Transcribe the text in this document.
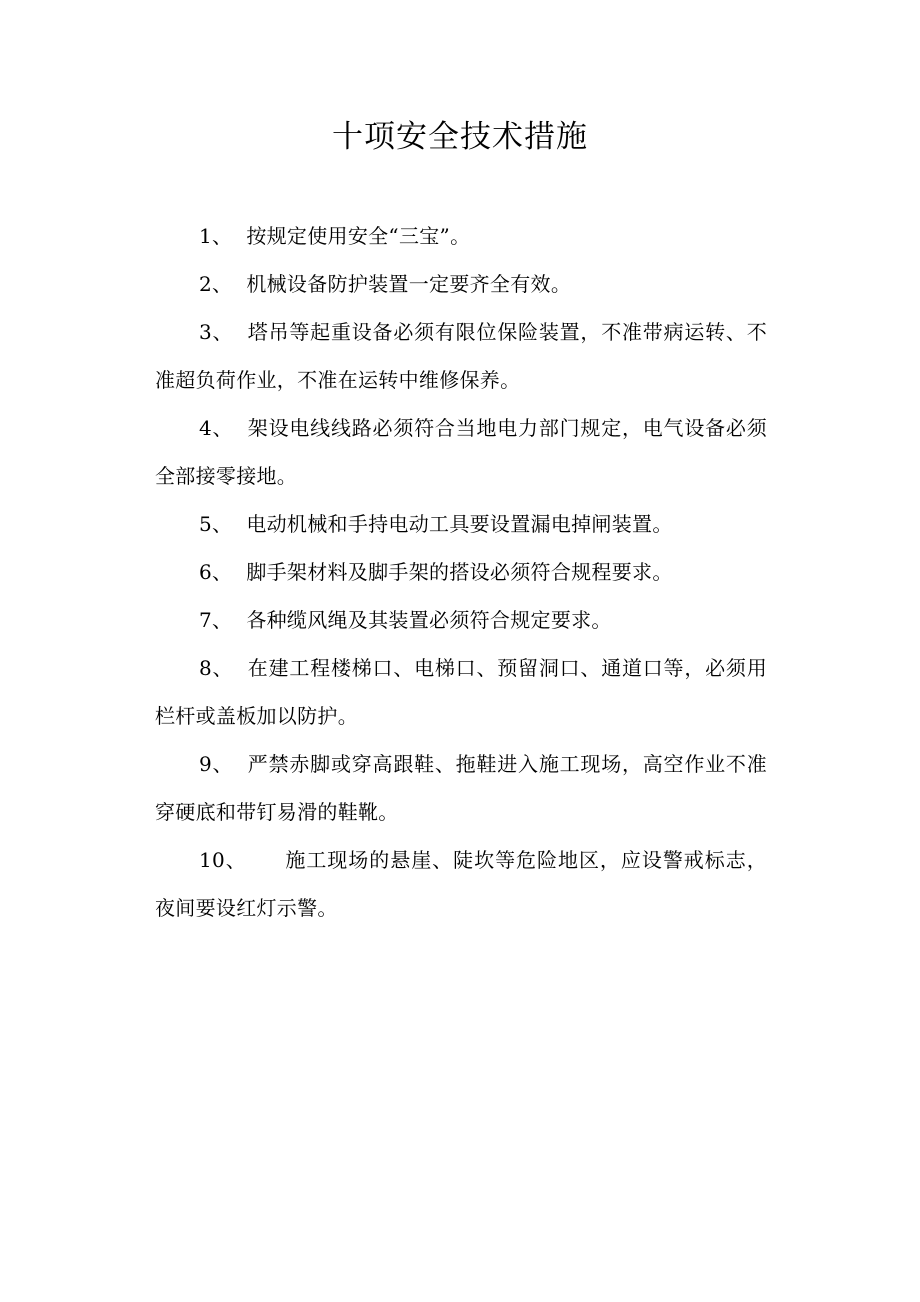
十项安全技术措施

1、 按规定使用安全“三宝”。

2、 机械设备防护装置一定要齐全有效。

3、 塔吊等起重设备必须有限位保险装置，不准带病运转、不准超负荷作业，不准在运转中维修保养。

4、 架设电线线路必须符合当地电力部门规定，电气设备必须全部接零接地。

5、 电动机械和手持电动工具要设置漏电掉闸装置。

6、 脚手架材料及脚手架的搭设必须符合规程要求。

7、 各种缆风绳及其装置必须符合规定要求。

8、 在建工程楼梯口、电梯口、预留洞口、通道口等，必须用栏杆或盖板加以防护。

9、 严禁赤脚或穿高跟鞋、拖鞋进入施工现场，高空作业不准穿硬底和带钉易滑的鞋靴。

10、 施工现场的悬崖、陡坎等危险地区，应设警戒标志，夜间要设红灯示警。
